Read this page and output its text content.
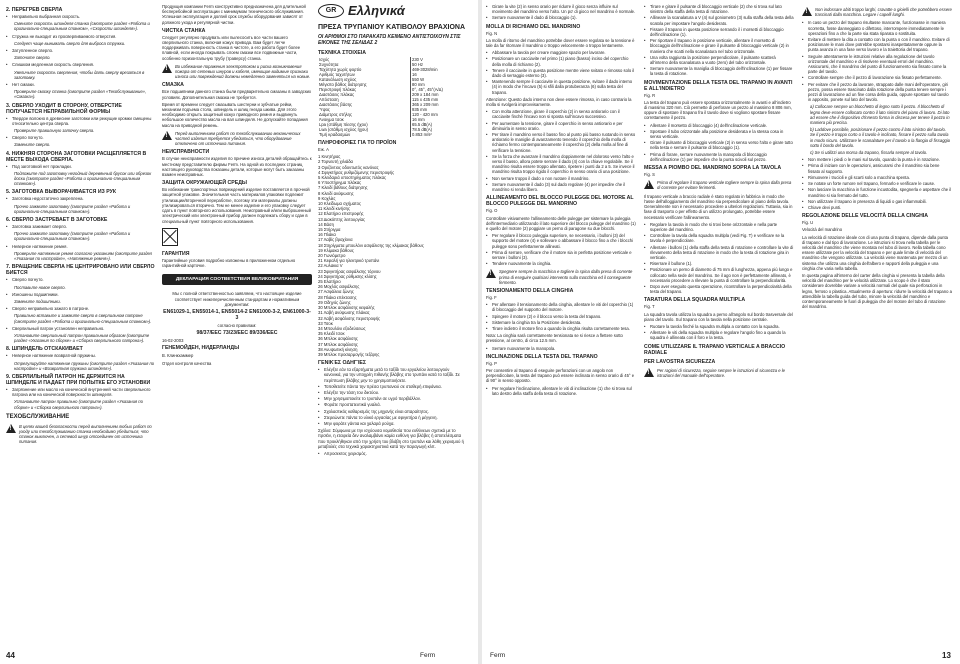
2. ПЕРЕГРЕВ СВЕРЛА
• Неправильно выбранная скорость.

Смените скорость шпинделя станка (смотрите раздел «Работа и оригинально-специальным станком», «Скорости шпинделя»).

• Стружка не выходит из просверливаемого отверстия.

Следует чаще вынимать сверло для выброса стружки.

• Затупленное сверло.

Заточите сверло.

• Слишком медленная скорость сверления.

Увеличьте скорость сверления, чтобы дать сверлу врезаться в заготовку.

• Нет смазки.

Проверьте смазку станка (смотрите раздел «Техобслуживание», «Смазка»).

3. СВЕРЛО УХОДИТ В СТОРОНУ, ОТВЕРСТИЕ ПОЛУЧАЕТСЯ НЕПРАВИЛЬНОЙ ФОРМЫ
• Твердое волокно в древесине заготовки или режущие кромки смещены относительно центра сверла.

Проверьте правильную заточку сверла.

• Сверло погнуто.

Замените сверло.

4. НИЖНЯЯ СТОРОНА ЗАГОТОВКИ РАСЩЕПЛЯЕТСЯ В МЕСТЕ ВЫХОДА СВЕРЛА.
• Под заготовкой нет прокладки.

Подложите под заготовку негодный деревянный брусок или обрезок доски (смотрите раздел «Работа и оригинально-специальным станком»).

5. ЗАГОТОВКА ВЫВОРАЧИВАЕТСЯ ИЗ РУК
• Заготовка недостаточно закреплена.

Прочно зажмите заготовку (смотрите раздел «Работа и оригинально-специальным станком»).

6. СВЕРЛО ЗАСТРЕВАЕТ В ЗАГОТОВКЕ
• Заготовка зажимает сверло.

Прочно зажмите заготовку (смотрите раздел «Работа и оригинально-специальным станком»).

• Неверное натяжение ремня.

Проверьте натяжение ремня согласно указаниям (смотрите раздел «Указания по настройке», «Натяжение ремня»).

7. ВРАЩЕНИЕ СВЕРЛА НЕ ЦЕНТРИРОВАНО ИЛИ СВЕРЛО БИЕТСЯ
• Сверло погнуто.

Поставьте новое сверло.

• Изношены подшипники.

Замените подшипники.

• Сверло неправильно зажато в патроне.

Правильно вставьте и зажмите сверло в сверлильном патроне (смотрите раздел «Работа и оригинально-специальным станком»).

• Сверлильный патрон установлен неправильно.

Установите сверлильный патрон правильным образом (смотрите раздел «Указания по сборке» и «Сборка сверлильного патрона»).

8. ШПИНДЕЛЬ ОТСКАКИВАЕТ
• Неверное натяжение возвратной пружины.

Отрегулируйте натяжение пружины (смотрите раздел «Указания по настройке» и «Возвратная пружина шпинделя»).

9. СВЕРЛИЛЬНЫЙ ПАТРОН НЕ ДЕРЖИТСЯ НА ШПИНДЕЛЕ И ПАДАЕТ ПРИ ПОПЫТКЕ ЕГО УСТАНОВКИ
• Загрязнение или масло на конической внутренней части сверлильного патрона или на конической поверхности шпинделя.

Установите патрон правильно (смотрите раздел «Указания по сборке» и «Сборка сверлильного патрона»).

ТЕХОБСЛУЖИВАНИЕ
!
В целях вашей безопасности перед выполнением любых работ по уходу или техобслуживанию станка необходимо убедиться, что станок выключен, а сетевой шнур отсоединен от источника питания.

Продукция компании Ferm конструктивно предназначена для длительной бесперебойной эксплуатации с минимумом технического обслуживания. Успешная эксплуатация и долгий срок службы оборудования зависят от должного ухода и регулярной чистки.

ЧИСТКА СТАНКА

Следует регулярно продувать или пылесосить все части вашего сверлильного станка, включая кожух привода. Вам будет легче поддерживать поверхность станка в чистоте, а его работа будет более плавной, если иногда покрывать слоем смазки все подвижные части, особенно горизонтальную трубу (траверсу) станка.

!
Во избежание поражения электротоком и риска возникновения пожара от сетевых шнуров и кабеля, имеющие видимые признаки износа или повреждений должны немедленно заменяться на новые.
СМАЗКА

Все подшипники данного станка были предварительно смазаны в заводских условиях. Дополнительная смазка не требуется.

Время от времени следует смазывать шестерни и зубчатые рейки, механизм подъема стола, шпиндель и шлиц гнезда шкива. Для этого необходимо открыть защитный кожух приводного ремня и выдвинуть небольшое количество масла на вал шпинделя. Не допускайте попадания масла на приводной ремень.

!
Перед выполнением работ по техобслуживанию механических частей изделия требуется убедиться, что оборудование отключено от источника питания.
НЕИСПРАВНОСТИ

В случае неисправности изделия по причине износа деталей обращайтесь к местному представителю фирмы Ferm. На одной из последних страниц настоящего руководства показаны детали, которые могут быть заказаны взамен неисправных.

ЗАЩИТА ОКРУЖАЮЩЕЙ СРЕДЫ

Во избежание транспортных повреждений изделие поставляется в прочной защитной упаковке. Значительная часть материалов упаковки подлежит утилизации/вторичной переработке, поэтому эти материалы должны утилизироваться вторично. Тем не менее изделие и его упаковку следует сдать в пункт повторного использования. Неисправный и/или выброшенный электрический или электронный прибор должен подлежать сбору и сдан в специальный пункт повторного использования.

ГАРАНТИЯ

Гарантийные условия подробно изложены в приложенном отдельно гарантийной карточке.

ДЕКЛАРАЦИЯ СООТВЕТСТВИЯ ВЕЛИКОБРИТАНИЯ

Мы с полной ответственностью заявляем, что настоящее изделие соответствует нижеперечисленным стандартам и нормативным документам:

EN61029-1, EN55014-1, EN55014-2 EN61000-3-2, EN61000-3-3

согласно правилам:

98/37/EEC 73/23/EEC 89/336/EEC

16-02-2003

ГЕНЕМОЙДЕН, НИДЕРЛАНДЫ

В. Клинкхаммер

Отдел контроля качества

GR Ελληνικά
ΠΡΕΣΑ ΤΡΥΠΑΝΙΟΥ ΚΑΤΙΒΟΛΟΥ ΒΡΑΧΙΟΝΑ
ΟΙ ΑΡΙΘΜΟΙ ΣΤΟ ΠΑΡΑΚΑΤΩ ΚΕΙΜΕΝΟ ΑΝΤΙΣΤΟΙΧΟΥΝ ΣΤΙΣ ΕΙΚΟΝΕΣ ΤΗΣ ΣΕΛΙΔΑΣ 2
ΤΕΧΝΙΚΑ ΣΤΟΙΧΕΙΑ
Ισχύς	230 V
Συχνότητα	50 Hz
Ταχύτητα χωρίς φορτίο	469-3028/min
Αριθμός ταχυτήτων	16
Κατανάλωση ισχύος	550 W
Μέγιστο βάθος διάτρησης	80 mm
Περιστροφή πλάκας	0°, 45°, 45°(A/Δ)
Διαστάσεις πλάκας	209 x 184 mm
Απόσταση	115 x 435 mm
Διαστάσεις βάσης	365 x 209 mm
Ύψος	935 mm
Διάμετρος στήλης	120 - 420 mm
Άνοιγμα τσοκ	16 mm
Lpa (στάθμη πίεσης ήχου)	65.5 dB(A)
Lwa (στάθμη ισχύος ήχου)	78.5 dB(A)
Τιμή κραδασμών	0.853 m/s²
ΠΛΗΡΟΦΟΡΙΕΣ ΓΙΑ ΤΟ ΠΡΟΪΟΝ

Εικ. A

1 Κινητήρας
2 Τορνευτή χιλιάδα
3 Οριζόντιος οδοντωτός κανόνας
4 Σφιγκτήρας ρυθμιζόμενης περιστροφής
5 Κλειδαριά υποστηρίγματος πλάκας
6 Υποστήριγμα πλάκας
7 Κλειδί βάθους διάτρησης
8 Κλειδί ανύψωσης
9 Κοχλίες
10 Κλείδωμα σχήματος
11 Κλειδί κινήσης
12 Ελατήριο επιστροφής
13 Διακόπτης λειτουργίας
14 Βάση
15 Στήριγμα
16 Πλάκα
17 Λαβίς βραχίονα
18 Στηρίγματα μπουλόνι ασφάλισης της κλίμακας βάθους
19 Κλίμακα βάθους
20 Γωνιόμετρο
21 Κεφαλή για ηλεκτρικό τρυπάνι
22 Αυλακια V
23 Σφιγκτήρας ασφάλισης τόρνου
24 Σφιγκτήρας ρύθμισης κλίσης
25 Ελατήριο
26 Μοχλός ασφάλισης
27 Ασφάλεια ζώνης
28 Πλάκα επέκτασης
29 Οδηγός ζώνης
30 Μπλοκ ασφάλισης κεφαλής
31 Λαβή ανύψωσης πλάκας
32 Λαβή ασφάλισης περιστροφής
33 Τσοκ
34 Μπουλόνι εξοδεύσεως
35 Κλειδί τσοκ
36 Μπλοκ ασφάλισης
37 Μπλοκ ασφάλισης
38 Ανυψωτική κίνηση
39 Μπλοκ προσαρμογής τεζάρης
ΓΕΝΙΚΈΣ ΟΔΗΓΊΕΣ
• Ελέγξτε εάν τα εξαρτήματα μετά το ταξίδι του εργαλείου λειτουργούν κανονικά, για την υποχρέη πιθανής βλάβης στο τρυπάνι κατά το ταξίδι. Σε περίπτωση βλάβης μην το χρησιμοποιήσετε.
• Τοποθετείτε πάντα την πρέσα τρυπανιού σε σταθερή επιφάνεια.
• Ελέγξτε την τάση του δικτύου.
• Μην χρησιμοποιείτε το τρυπάνι σε υγρό περιβάλλον.
• Φοράτε προστατευτικά γυαλιά.
• Σχολαστικός καθαρισμός της μηχανής είναι απαραίτητος.
• Στερεώνετε πάντα το υλικό εργασίας με σφιγκτήρα ή μέγγενη.
• Μην φοράτε γάντια και χαλαρά ρούχα.

Σχόλιο: Σύμφωνα με την ισχύουσα νομοθεσία που ευθύνεων σχετικά με το προϊόν, η εταιρεία δεν αναλαμβάνει καμία ευθύνη για βλάβες ή αποτελέσματα που προκλήθηκαν από την χρήση του βλάβη στο τρυπάνι και λάθη χειρισμού ή μεταβολές στα τεχνικά χαρακτηριστικά κατά την παραγωγή κλπ.

• Απροσεκτος χειρισμός.
44	Ferm
• Girare la vite (2) in senso orario per ridurre il gioco senza influire sul movimento del mandrino verso l'alto. Un po' di gioco nel mandrino è normale.
• Serrare nuovamente il dado di bloccaggio (1).
MOLLA DI RICHIAMO DEL MANDRINO

Fig. N

La molla di ritorno del mandrino potrebbe dover essere regolata se la tensione è tale da far ritornare il mandrino o troppo velocemente o troppo lentamente.

• Abbassare la tavola per creare maggiore spazio per lavorare.
• Posizionare un cacciavite nel primo (1) piano (basso) inciso del coperchio della molla di richiamo (2).
• Tenere il cacciavite in questa posizione mentre viene svitato e rimosso solo il dado di serraggio esterno (3).
• Mantenendo sempre il cacciavite in questa posizione, svitare il dado interno (4) in modo che l'incavo (5) si sfili dalla protuberanza (6) sulla testa del trapano.

Attenzione: Questo dado interno non deve essere rimosso, in caso contrario la molla si svolgerà improvvisamente.

• Con molta attenzione, girare il coperchio (2) in senso antiorario con il cacciavite finché l'incavo non si sposta sull'incavo successivo.
• Per aumentare la tensione, girare il coperchio in senso antiorario e per diminuirla in senso orario.
• Per tirare il mandrino verso il basso fino al punto più basso ruotando in senso antiorario le maniglie di avanzamento tenendo il coperchio della molla di richiamo fermo contemporaneamente il coperchio (2) della molla al fine di verificare la tensione.
• Se la forza che avanzare il mandrino doppiamente nel doloroso verso l'alto e verso il basso, allora potete serrare il dado (4) con la chiave regolabile. Se il mandrino risulta essere troppo allentato, ripetere i punti da 2 a 5. Se invece il mandrino risulta troppo rigido il coperchio in senso orario di una posizione.
• Non serrare troppo il dado o non ruotare il mandrino.
• Serrare nuovamente il dado (3) sul dado regolare (4) per impedire che il mandrino si renda libero.
ALLINEAMENTO DEL BLOCCO PULEGGE DEL MOTORE AL BLOCCO PULEGGE DEL MANDRINO

Fig. O

Controllare visivamente l'allineamento delle pulegge per sistemare la puleggia dell'intermediario utilizzando il lato superiore del blocco pulegge del mandrino (1) e quello del motore (2) poggiare un perno di paragone su due blocchi.

• Per regolare il blocco puleggia superiore, se necessario, i bulloni (3) del supporto del motore (4) e sollevare o abbassare il blocco fino a che i blocchi pulegge sono perfettamente allineati.
• Prima di serrare, verificare che il motore sia in perfetta posizione verticale e serrare i bulloni (3).
• Tendere nuovamente la cinghia.
!
Spegnere sempre la macchina e togliere la spina dalla presa di corrente prima di eseguire qualsiasi intervento sulla macchina ed il conseguente fermento.
TENSIONAMENTO DELLA CINGHIA

Fig. F

• Per allentare il tensionamento della cinghia, allentare le viti del coperchio (1) di bloccaggio del supporto del motore.
• Spingere il motore (2) e il blocco verso la testa del trapano.
• Sistemare la cinghia tra la Posizione desiderata.
• Tirare indietro il motore fino a quando la cinghia risulta correttamente tesa.

Nota: La cinghia sarà correttamente tensionata se si riesce a flettere sotto pressione, al centro, di circa 12.5 mm.

• Serrare nuovamente la manopola.
INCLINAZIONE DELLA TESTA DEL TRAPANO

Fig. P

Per consentire al trapano di eseguire perforazioni con un angolo non perpendicolare, la testa del trapano può essere inclinata in senso orario di 45° e di 90° in senso opposto.

• Per regolare l'inclinazione, allentare le viti di inclinazione (1) che si trova sul lato destro della staffa della testa di rotazione.
• Tirare e girare il pulsante di bloccaggio verticale (2) che si trova sul lato sinistro della staffa della testa di rotazione.
• Allineare la scanalatura a V (4) sul goniometro (3) sulla staffa della testa della scatola per impostare l'angolo desiderato.
• Fissare il trapano in questa posizione serrando il i morsetti di bloccaggio dell'inclinazione (1).
• Per riportare il trapano in posizione verticale, allentare il morsetto di bloccaggio dell'inclinazione e girare il pulsante di bloccaggio verticale (2) in maniera che scatti nella scanalatura nel tubo orizzontale.
• Una volta raggiunta la posizione perpendicolare, il pulsante scatterà all'interno della scanalatura a vuoto (zero) del tubo orizzontale.
• Serrare nuovamente la maniglia di bloccaggio dell'inclinazione (1) per fissare la testa di rotazione.
MOVIMENTAZIONE DELLA TESTA DEL TRAPANO IN AVANTI E ALL'INDIETRO

Fig. R

La testa del trapano può essere spostata orizzontalmente in avanti e all'indietro di massimo 320 mm. Ciò permette di perforare un pezzo al massimo 8 806 mm, oppure di spostare il trapano fra il tavolo dove si vogliono spostare fissare correttamente il pezzo.

• Allentare il morsetto di bloccaggio (4) dell'inclinazione verticale.
• Spostare il tubo orizzontale alla posizione desiderata e la stessa cosa in senso verticale.
• Girare il pulsante di bloccaggio verticale (2) in senso verso l'alto e girare tutto nella testa e serrare il pulsante di bloccaggio (1).
• Prima di forare, serrare nuovamente la manopola di bloccaggio dell'inclinazione (1) per impedire che la punta scivoli sul pezzo.
MESSA A PIOMBO DEL MANDRINO SOPRA LA TAVOLA

Fig. S

!
Prima di regolare il trapano verticale togliere sempre la spina dalla presa di corrente per evitare ferimenti.

Il trapano verticale a braccio radiale è stato regolato in fabbrica in modo che l'asse dell'alloggiamento del mandrino sia perpendicolare al piano della tavola. Generalmente non è necessario procedere a ulteriori regolazioni. Tuttavia, sia in fase di trasporto o per effetto di un utilizzo prolungato, potrebbe essere necessario verificare l'allineamento.

• Regolare la tavola in modo che si trovi bene orizzontale e nella parte superiore del mandrino.
• Controllare la tavola della squadra multipla (vedi Fig. T) e verificare se la tavola è perpendicolare.
• Allentare i bulloni (1) della staffa della testa di rotazione e controllare la vite di rilevamento della testa di rotazione in modo che la testa di rotazione gira in verticale.
• Riserrare il bullone (1).
• Posizionare un perno di diametro di 75 mm di lunghezza, appena più lungo e collocato nella sede del mandrino. Se il ago non è perfettamente allineato, è necessario procedere a rilevare la punta di controllare la perpendicolarità.
• Dopo aver eseguito questa operazione, ricontrollare la perpendicolarità della testa del trapano.
TARATURA DELLA SQUADRA MULTIPLA

Fig. T

La squadra tavola utilizza la squadra a perno all'angolo sul bordo trasversale del piano del tavolo. Sul trapano con la tavola nella posizione centrale.

• Ruotare la tavola finché la squadra multipla a contatto con la squadra.
• Allentare le viti della squadra multipla e regolare l'angolo fino a quando la squadra è allineata con il foro e la testa.
COME UTILIZZARE IL TRAPANO VERTICALE A BRACCIO RADIALE
PER LAVOSTRA SICUREZZA
!
Per ragioni di sicurezza, seguire sempre le istruzioni di sicurezza e le istruzioni del manuale dell'operatore.
!
Non indossare abiti troppo larghi, cravatte o gioielli che potrebbero essere trascinati dalla macchina. Legare i capelli lunghi.
• In caso un pezzo del trapano risultasse mancante, funzionasse in maniera scorretta, fosse danneggiato o difettoso, interrompere immediatamente le operazioni fino a che la parte sia stata riparata o sostituita.
• Evitare di mettere la dita a contatto con la punta o con il mandrino. Evitare di posizionare le mani dove potrebbe spostarsi inaspettatamente oppure la punta avanza in una fase verso lavoro e la traiettoria del trapano.
• Seguire attentamente le istruzioni relative alla regolazione del tavolo orizzontale del mandrino e di risolvere eventuali errori del mandrino. Assicurarsi, che il mandrino del punto di funzionamento sia fissato come la parte del tavolo.
• Controllare sempre che il pezzo di lavorazione sia fissato perfettamente.
• Per evitare che il pezzo da lavorare, strappato dalle mani dell'operatore, giri pezzo, possa essere trascinato dalla rotazione della punta tenere sempre i pezzi di lavorazione ad un fine corsa della guida, oppure spostare sul tavolo in apposito, ponete sul lato del tavolo.

a) Collocare sempre un blocchetto di legno sotto il pezzo. Il blocchetto di legno deve essere collocato contro il lato sinistro del piano di lavoro. Di lato ad essere che il dispositivo d'innesto forma in discesa per tenere il pezzo in maniera più precisa.

b) Laddove possibile, posizionare il pezzo contro il lato sinistro del tavolo. Se il pezzo è troppo corto o il tavolo è inclinato, fissare il pezzo sulla tavola in modo sicuro. Utilizzare le scanalature per il tavolo o la flangia di fissaggio sotto il bordo del tavolo.

c) Se si utilizzi una morsa da trapano, fissarla sempre al tavolo.

• Non mettere i piedi o le mani sul tavolo, quando la punta è in rotazione.
• Prima di iniziare con le operazioni, assicurarsi che il mandrino sia bene fissato al supporto.
• Rimuovere i trucioli e gli scarti solo a macchina spenta.
• Se notate un forte rumore nel trapano, fermarlo e verificare le cause.
• Non lasciare la macchina in funzione incustodita, spegnerla e aspettare che il mandrino si sia fermato del tutto.
• Non utilizzare il trapano in presenza di liquidi o gas infiammabili.
• Chiave devi punti.
REGOLAZIONE DELLE VELOCITÀ DELLA CINGHIA

Fig. U

Velocità del mandrino

La velocità di rotazione ideale con di una punta di trapano, dipende dalla punta di trapano e dal tipo di lavorazione. Le istruzioni si trova nella tabella per le velocità del mandrino che viene montata nel tubo di lavoro. Nella tabella cono essere utilizzate per la velocità del trapano e per quale limite di velocità del mandrino che vengono utilizzate. La velocità viene mantenuta per mezzo di un sistema che utilizza una cinghia dell'albero e rapporti della puleggia e una cinghia che varia nella tabella.

In questa pagina all'interno del carter della cinghia vi presenta la tabella della velocità del mandrino per le velocità utilizzate. Lo scopo è che il stato considerare dovrebbe variare a velocità normali del quale sia perforazioni in legno, ferroso o plastica. Attualmente di apertura: ridurre la velocità del trapano a attendibile la tabella guida del tubo, minore la velocità del mandrino e contemporaneamente le fuori di puleggia che del motore del tubo di rotazione del mandrino.

Ferm	13
